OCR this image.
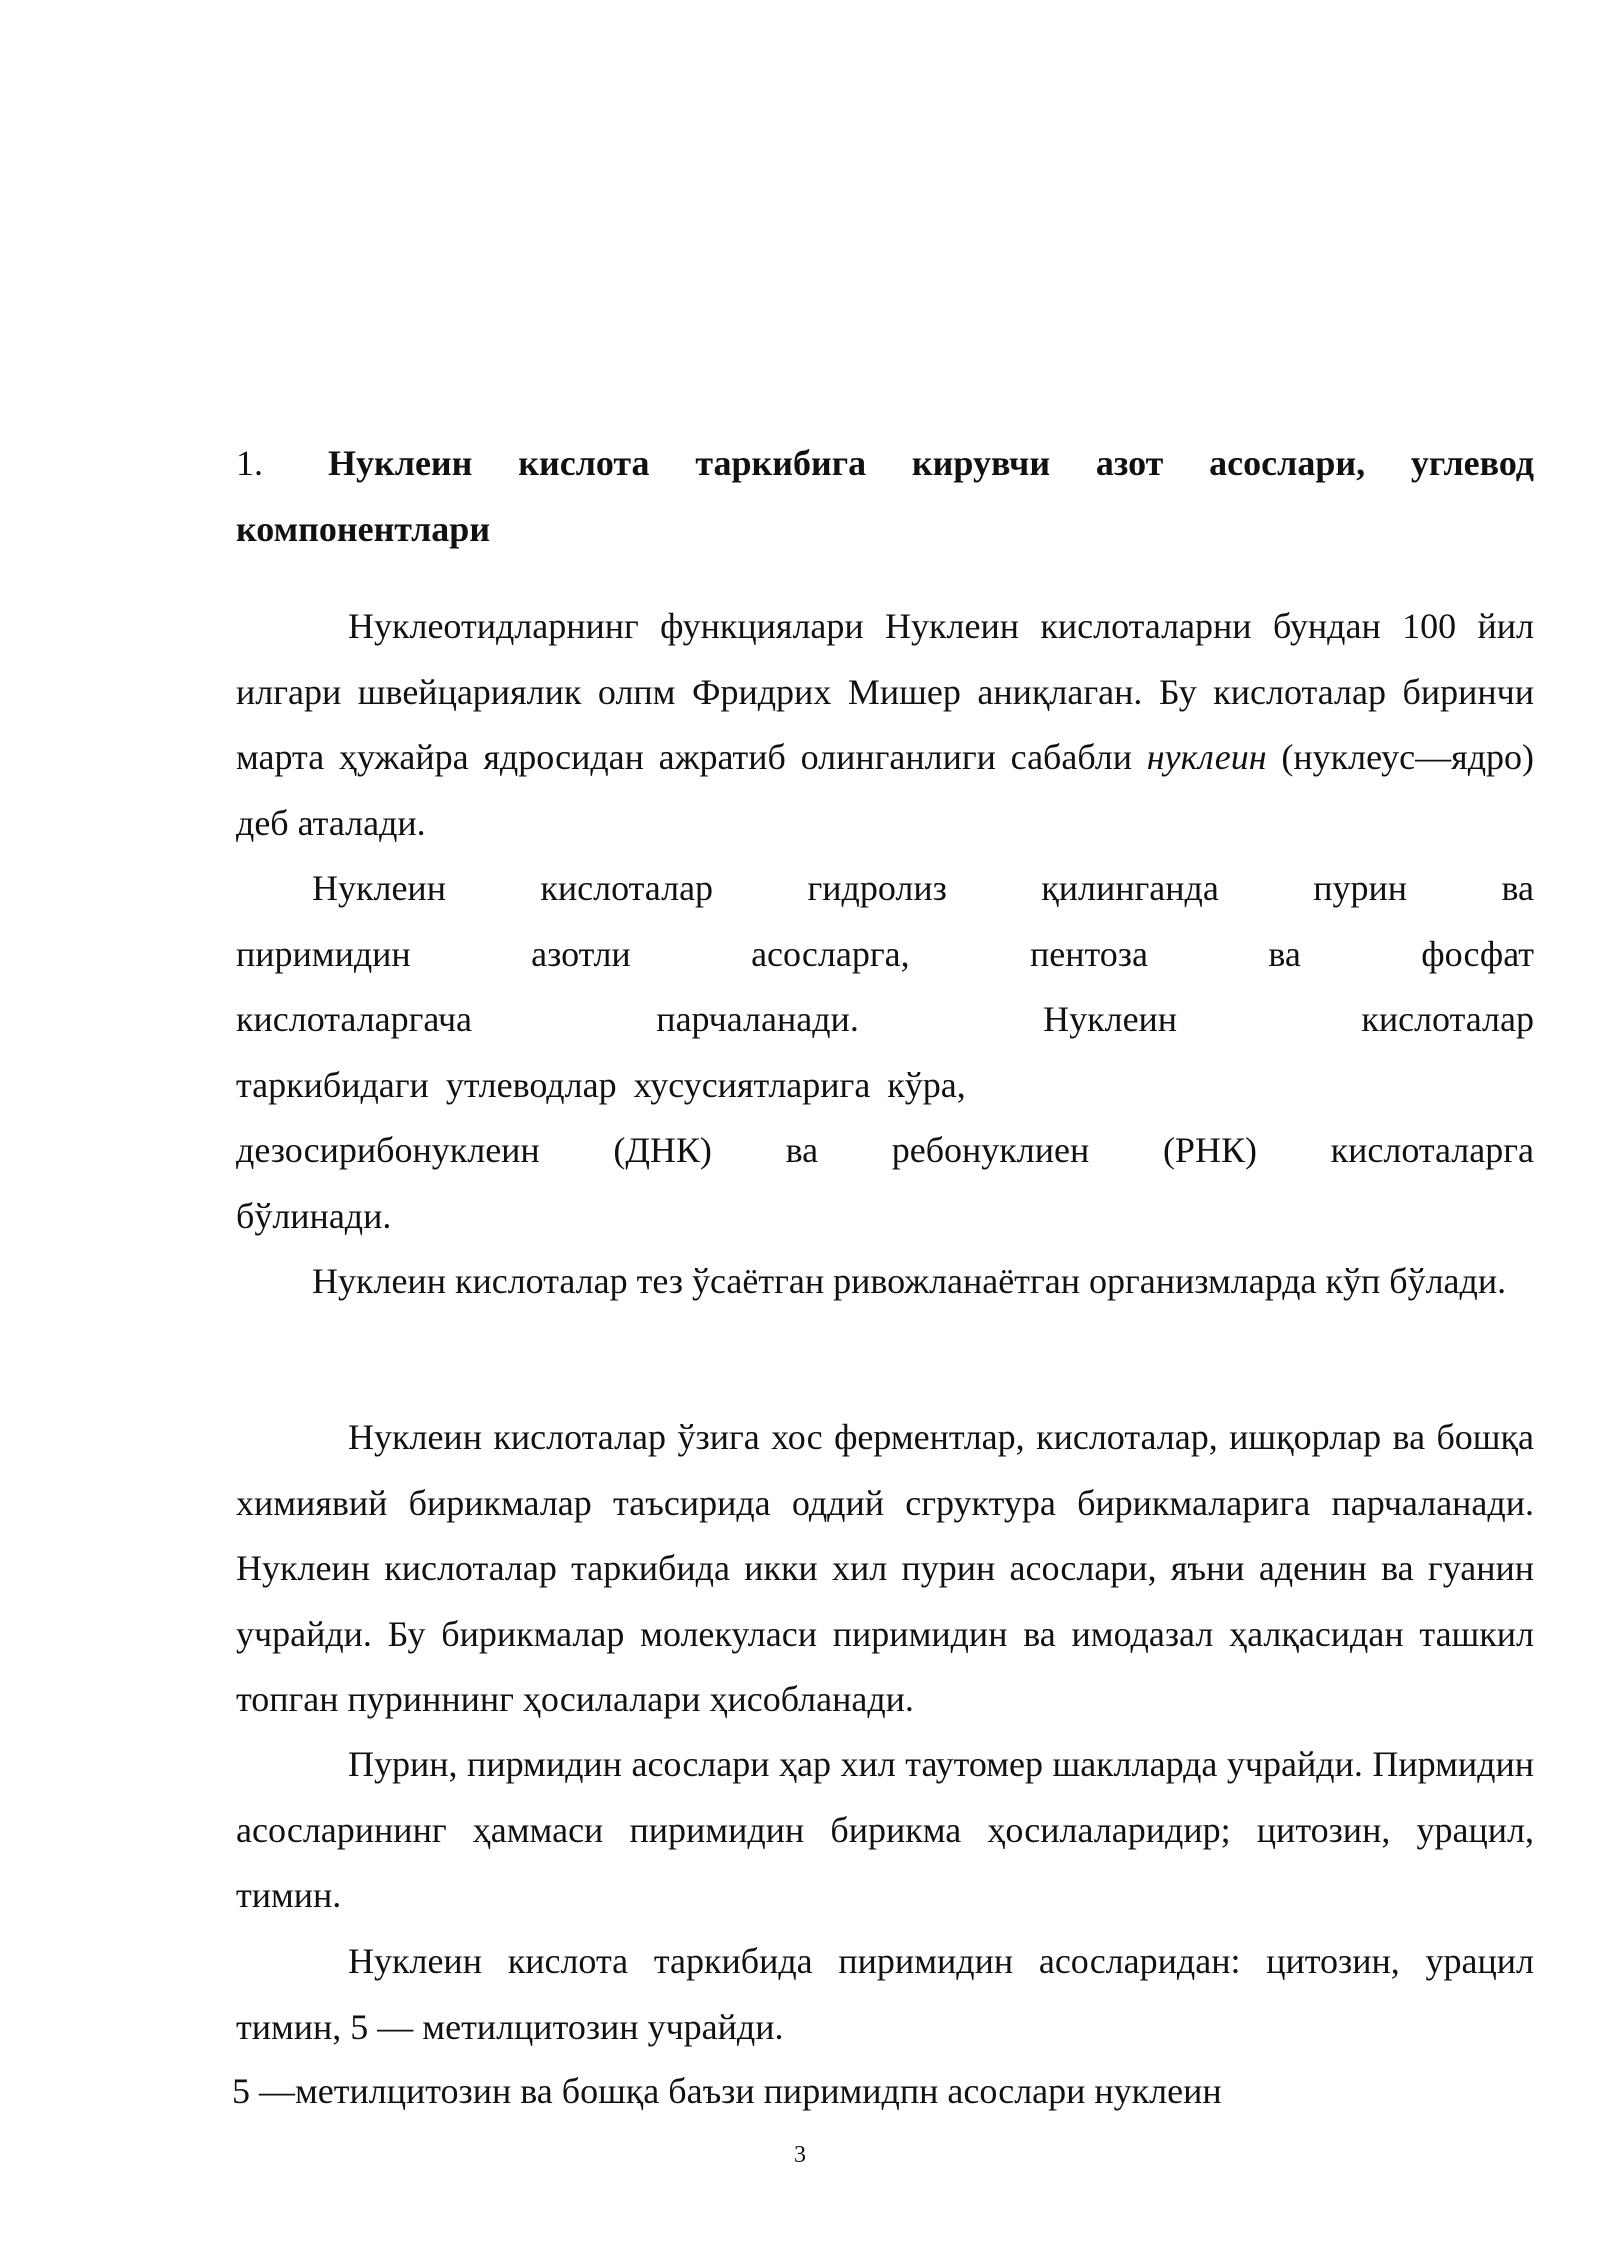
1. Нуклеин кислота таркибига кирувчи азот асослари, углевод компонентлари

Нуклеотидларнинг функциялари Нуклеин кислоталарни бундан 100 йил илгари швейцариялик олпм Фридрих Мишер аниқлаган. Бу кислоталар биринчи марта ҳужайра ядросидан ажратиб олинганлиги сабабли нуклеин (нуклеус—ядро) деб аталади.

Нуклеин кислоталар гидролиз қилинганда пурин ва

пиримидин азотли асосларга, пентоза ва фосфат

кислоталаргача парчаланади. Нуклеин кислоталар

таркибидаги утлеводлар хусусиятларига кўра,

дезосирибонуклеин (ДНК) ва ребонуклиен (РНК) кислоталарга

бўлинади.

Нуклеин кислоталар тез ўсаётган ривожланаётган организмларда кўп бўлади.

Нуклеин кислоталар ўзига хос ферментлар, кислоталар, ишқорлар ва бошқа химиявий бирикмалар таъсирида оддий сгруктура бирикмаларига парчаланади. Нуклеин кислоталар таркибида икки хил пурин асослари, яъни аденин ва гуанин учрайди. Бу бирикмалар молекуласи пиримидин ва имодазал ҳалқасидан ташкил топган пуриннинг ҳосилалари ҳисобланади.

Пурин, пирмидин асослари ҳар хил таутомер шаклларда учрайди. Пирмидин асосларининг ҳаммаси пиримидин бирикма ҳосилаларидир; цитозин, урацил, тимин.

Нуклеин кислота таркибида пиримидин асосларидан: цитозин, урацил тимин, 5 — метилцитозин учрайди.

5 —метилцитозин ва бошқа баъзи пиримидпн асослари нуклеин

3
